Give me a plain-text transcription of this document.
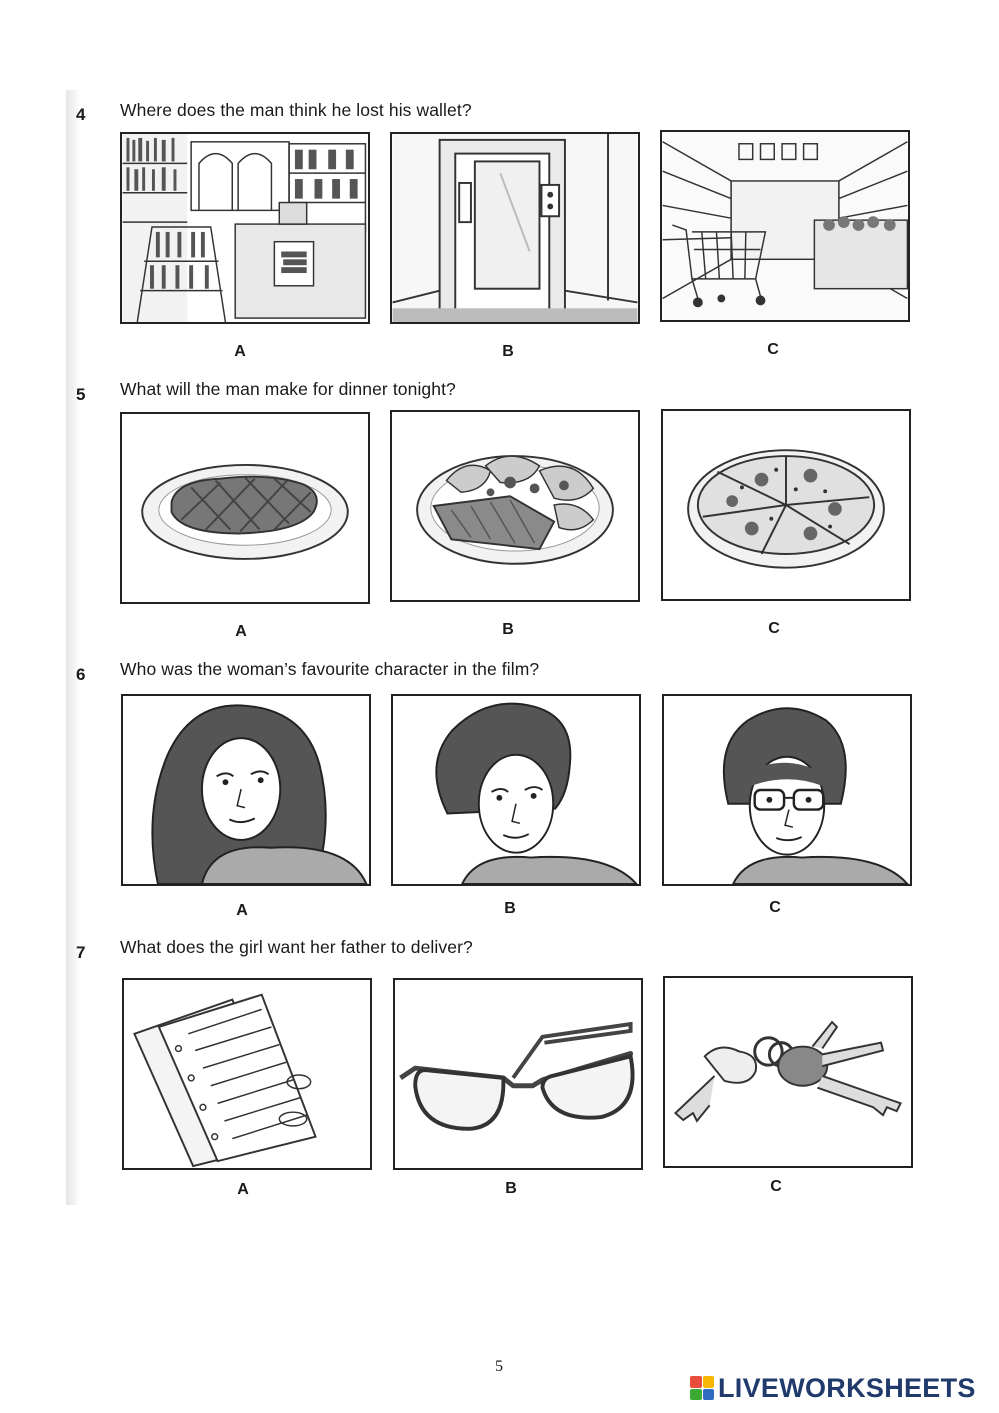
4 Where does the man think he lost his wallet?
A	B	C
5 What will the man make for dinner tonight?
A	B	C
6 Who was the woman’s favourite character in the film?
A	B	C
7 What does the girl want her father to deliver?
A	B	C
5
LIVEWORKSHEETS
